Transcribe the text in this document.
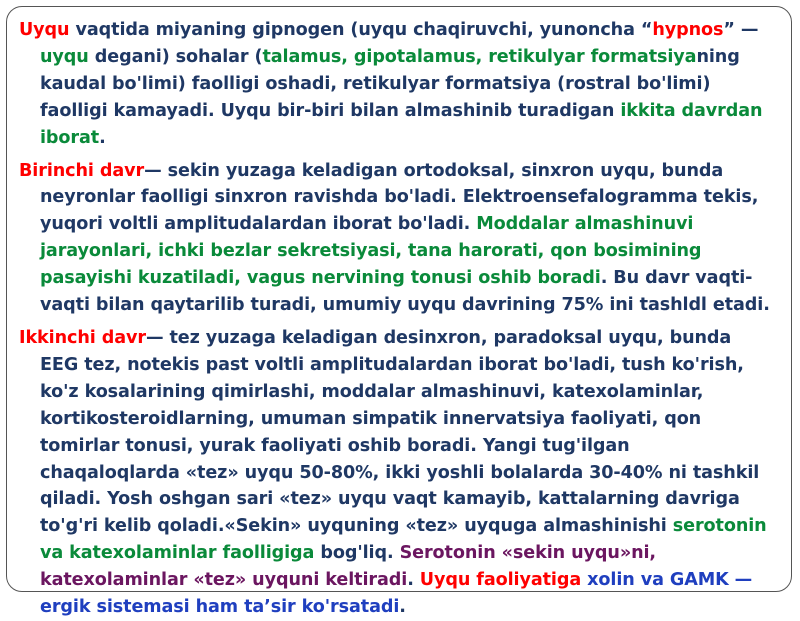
Uyqu vaqtida miyaning gipnogen (uyqu chaqiruvchi, yunoncha “hypnos” — uyqu degani) sohalar (talamus, gipotalamus, retikulyar formatsiyaning kaudal bo'limi) faolligi oshadi, retikulyar formatsiya (rostral bo'limi) faolligi kamayadi. Uyqu bir-biri bilan almashinib turadigan ikkita davrdan iborat.

Birinchi davr— sekin yuzaga keladigan ortodoksal, sinxron uyqu, bunda neyronlar faolligi sinxron ravishda bo'ladi. Elektroensefalogramma tekis, yuqori voltli amplitudalardan iborat bo'ladi. Moddalar almashinuvi jarayonlari, ichki bezlar sekretsiyasi, tana harorati, qon bosimining pasayishi kuzatiladi, vagus nervining tonusi oshib boradi. Bu davr vaqti-vaqti bilan qaytarilib turadi, umumiy uyqu davrining 75% ini tashldl etadi.

Ikkinchi davr— tez yuzaga keladigan desinxron, paradoksal uyqu, bunda EEG tez, notekis past voltli amplitudalardan iborat bo'ladi, tush ko'rish, ko'z kosalarining qimirlashi, moddalar almashinuvi, katexolaminlar, kortikosteroidlarning, umuman simpatik innervatsiya faoliyati, qon tomirlar tonusi, yurak faoliyati oshib boradi. Yangi tug'ilgan chaqaloqlarda «tez» uyqu 50-80%, ikki yoshli bolalarda 30-40% ni tashkil qiladi. Yosh oshgan sari «tez» uyqu vaqt kamayib, kattalarning davriga to'g'ri kelib qoladi.«Sekin» uyquning «tez» uyquga almashinishi serotonin va katexolaminlar faolligiga bog'liq. Serotonin «sekin uyqu»ni, katexolaminlar «tez» uyquni keltiradi. Uyqu faoliyatiga xolin va GAMK — ergik sistemasi ham ta’sir ko'rsatadi.
